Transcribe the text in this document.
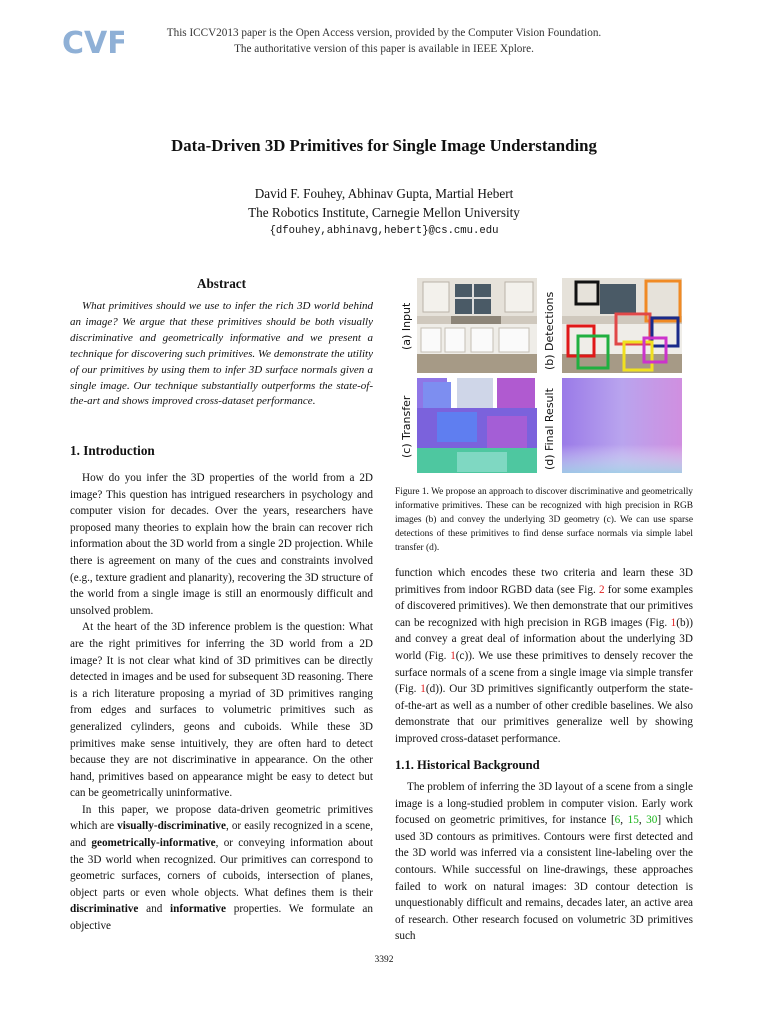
CVF	This ICCV2013 paper is the Open Access version, provided by the Computer Vision Foundation.
The authoritative version of this paper is available in IEEE Xplore.
Data-Driven 3D Primitives for Single Image Understanding
David F. Fouhey, Abhinav Gupta, Martial Hebert
The Robotics Institute, Carnegie Mellon University
{dfouhey,abhinavg,hebert}@cs.cmu.edu
Abstract

What primitives should we use to infer the rich 3D world behind an image? We argue that these primitives should be both visually discriminative and geometrically informative and we present a technique for discovering such primitives. We demonstrate the utility of our primitives by using them to infer 3D surface normals given a single image. Our technique substantially outperforms the state-of-the-art and shows improved cross-dataset performance.

1. Introduction

How do you infer the 3D properties of the world from a 2D image? This question has intrigued researchers in psychology and computer vision for decades. Over the years, researchers have proposed many theories to explain how the brain can recover rich information about the 3D world from a single 2D projection. While there is agreement on many of the cues and constraints involved (e.g., texture gradient and planarity), recovering the 3D structure of the world from a single image is still an enormously difficult and unsolved problem.

At the heart of the 3D inference problem is the question: What are the right primitives for inferring the 3D world from a 2D image? It is not clear what kind of 3D primitives can be directly detected in images and be used for subsequent 3D reasoning. There is a rich literature proposing a myriad of 3D primitives ranging from edges and surfaces to volumetric primitives such as generalized cylinders, geons and cuboids. While these 3D primitives make sense intuitively, they are often hard to detect because they are not discriminative in appearance. On the other hand, primitives based on appearance might be easy to detect but can be geometrically uninformative.

In this paper, we propose data-driven geometric primitives which are visually-discriminative, or easily recognized in a scene, and geometrically-informative, or conveying information about the 3D world when recognized. Our primitives can correspond to geometric surfaces, corners of cuboids, intersection of planes, object parts or even whole objects. What defines them is their discriminative and informative properties. We formulate an objective

(a) Input	(b) Detections
(c) Transfer	(d) Final Result
Figure 1. We propose an approach to discover discriminative and geometrically informative primitives. These can be recognized with high precision in RGB images (b) and convey the underlying 3D geometry (c). We can use sparse detections of these primitives to find dense surface normals via simple label transfer (d).

function which encodes these two criteria and learn these 3D primitives from indoor RGBD data (see Fig. 2 for some examples of discovered primitives). We then demonstrate that our primitives can be recognized with high precision in RGB images (Fig. 1(b)) and convey a great deal of information about the underlying 3D world (Fig. 1(c)). We use these primitives to densely recover the surface normals of a scene from a single image via simple transfer (Fig. 1(d)). Our 3D primitives significantly outperform the state-of-the-art as well as a number of other credible baselines. We also demonstrate that our primitives generalize well by showing improved cross-dataset performance.

1.1. Historical Background

The problem of inferring the 3D layout of a scene from a single image is a long-studied problem in computer vision. Early work focused on geometric primitives, for instance [6, 15, 30] which used 3D contours as primitives. Contours were first detected and the 3D world was inferred via a consistent line-labeling over the contours. While successful on line-drawings, these approaches failed to work on natural images: 3D contour detection is unquestionably difficult and remains, decades later, an active area of research. Other research focused on volumetric 3D primitives such

3392
